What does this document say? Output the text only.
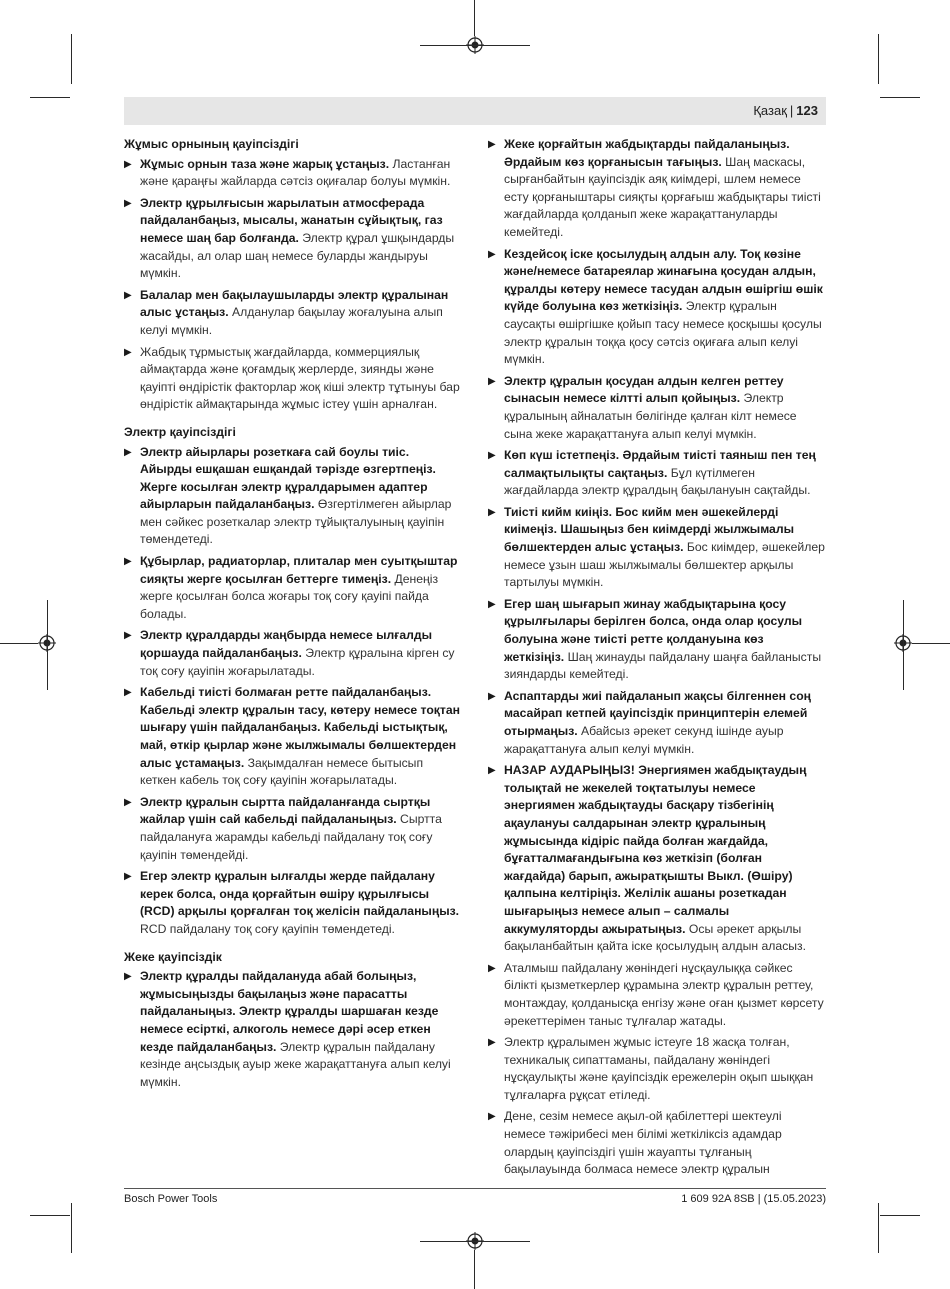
Қазақ | 123
Жұмыс орнының қауіпсіздігі
▶ Жұмыс орнын таза және жарық ұстаңыз. Ластанған және қараңғы жайларда сәтсіз оқиғалар болуы мүмкін.
▶ Электр құрылғысын жарылатын атмосферада пайдаланбаңыз, мысалы, жанатын сұйықтық, газ немесе шаң бар болғанда. Электр құрал ұшқындарды жасайды, ал олар шаң немесе буларды жандыруы мүмкін.
▶ Балалар мен бақылаушыларды электр құралынан алыс ұстаңыз. Алданулар бақылау жоғалуына алып келуі мүмкін.
▶ Жабдық тұрмыстық жағдайларда, коммерциялық аймақтарда және қоғамдық жерлерде, зиянды және қауіпті өндірістік факторлар жоқ кіші электр тұтынуы бар өндірістік аймақтарында жұмыс істеу үшін арналған.
Электр қауіпсіздігі
▶ Электр айырлары розеткаға сай боулы тиіс. Айырды ешқашан ешқандай тәрізде өзгертпеңіз. Жерге косылған электр құралдарымен адаптер айырларын пайдаланбаңыз. Өзгертілмеген айырлар мен сәйкес розеткалар электр тұйықталуының қауіпін төмендетеді.
▶ Құбырлар, радиаторлар, плиталар мен суытқыштар сияқты жерге қосылған беттерге тимеңіз. Денеңіз жерге қосылған болса жоғары тоқ соғу қауіпі пайда болады.
▶ Электр құралдарды жаңбырда немесе ылғалды қоршауда пайдаланбаңыз. Электр құралына кірген су тоқ соғу қауіпін жоғарылатады.
▶ Кабельді тиісті болмаған ретте пайдаланбаңыз. Кабельді электр құралын тасу, көтеру немесе тоқтан шығару үшін пайдаланбаңыз. Кабельді ыстықтық, май, өткір қырлар және жылжымалы бөлшектерден алыс ұстамаңыз. Зақымдалған немесе бытысып кеткен кабель тоқ соғу қауіпін жоғарылатады.
▶ Электр құралын сыртта пайдаланғанда сыртқы жайлар үшін сай кабельді пайдаланыңыз. Сыртта пайдалануға жарамды кабельді пайдалану тоқ соғу қауіпін төмендейді.
▶ Егер электр құралын ылғалды жерде пайдалану керек болса, онда қорғайтын өшіру құрылғысы (RCD) арқылы қорғалған тоқ желісін пайдаланыңыз. RCD пайдалану тоқ соғу қауіпін төмендетеді.
Жеке қауіпсіздік
▶ Электр құралды пайдалануда абай болыңыз, жұмысыңызды бақылаңыз және парасатты пайдаланыңыз. Электр құралды шаршаған кезде немесе есірткі, алкоголь немесе дәрі әсер еткен кезде пайдаланбаңыз. Электр құралын пайдалану кезінде аңсыздық ауыр жеке жарақаттануға алып келуі мүмкін.
▶ Жеке қорғайтын жабдықтарды пайдаланыңыз. Әрдайым көз қорғанысын тағыңыз. Шаң маскасы, сырғанбайтын қауіпсіздік аяқ киімдері, шлем немесе есту қорғаныштары сияқты қорғағыш жабдықтары тиісті жағдайларда қолданып жеке жарақаттануларды кемейтеді.
▶ Кездейсоқ іске қосылудың алдын алу. Тоқ көзіне және/немесе батареялар жинағына қосудан алдын, құралды көтеру немесе тасудан алдын өшіргіш өшік күйде болуына көз жеткізіңіз. Электр құралын саусақты өшіргішке қойып тасу немесе қосқышы қосулы электр құралын тоққа қосу сәтсіз оқиғаға алып келуі мүмкін.
▶ Электр құралын қосудан алдын келген реттеу сынасын немесе кілтті алып қойыңыз. Электр құралының айналатын бөлігінде қалған кілт немесе сына жеке жарақаттануға алып келуі мүмкін.
▶ Көп күш істетпеңіз. Әрдайым тиісті таяныш пен тең салмақтылықты сақтаңыз. Бұл күтілмеген жағдайларда электр құралдың бақылануын сақтайды.
▶ Тиісті кийм киіңіз. Бос кийм мен әшекейлерді киімеңіз. Шашыңыз бен киімдерді жылжымалы бөлшектерден алыс ұстаңыз. Бос киімдер, әшекейлер немесе ұзын шаш жылжымалы бөлшектер арқылы тартылуы мүмкін.
▶ Егер шаң шығарып жинау жабдықтарына қосу құрылғылары берілген болса, онда олар қосулы болуына және тиісті ретте қолдануына көз жеткізіңіз. Шаң жинауды пайдалану шаңға байланысты зияндарды кемейтеді.
▶ Аспаптарды жиі пайдаланып жақсы білгеннен соң масайрап кетпей қауіпсіздік принциптерін елемей отырмаңыз. Абайсыз әрекет секунд ішінде ауыр жарақаттануға алып келуі мүмкін.
▶ НАЗАР АУДАРЫҢЫЗ! Энергиямен жабдықтаудың толықтай не жекелей тоқтатылуы немесе энергиямен жабдықтауды басқару тізбегінің ақаулануы салдарынан электр құралының жұмысында кідіріс пайда болған жағдайда, бұғатталмағандығына көз жеткізіп (болған жағдайда) барып, ажыратқышты Выкл. (Өшіру) қалпына келтіріңіз. Желілік ашаны розеткадан шығарыңыз немесе алып – салмалы аккумуляторды ажыратыңыз. Осы әрекет арқылы бақыланбайтын қайта іске қосылудың алдын аласыз.
▶ Аталмыш пайдалану жөніндегі нұсқаулыққа сәйкес білікті қызметкерлер құрамына электр құралын реттеу, монтаждау, қолданысқа енгізу және оған қызмет көрсету әрекеттерімен таныс тұлғалар жатады.
▶ Электр құралымен жұмыс істеуге 18 жасқа толған, техникалық сипаттаманы, пайдалану жөніндегі нұсқаулықты және қауіпсіздік ережелерін оқып шыққан тұлғаларға рұқсат етіледі.
▶ Дене, сезім немесе ақыл-ой қабілеттері шектеулі немесе тәжірибесі мен білімі жеткіліксіз адамдар олардың қауіпсіздігі үшін жауапты тұлғаның бақылауында болмаса немесе электр құралын
Bosch Power Tools	1 609 92A 8SB | (15.05.2023)
